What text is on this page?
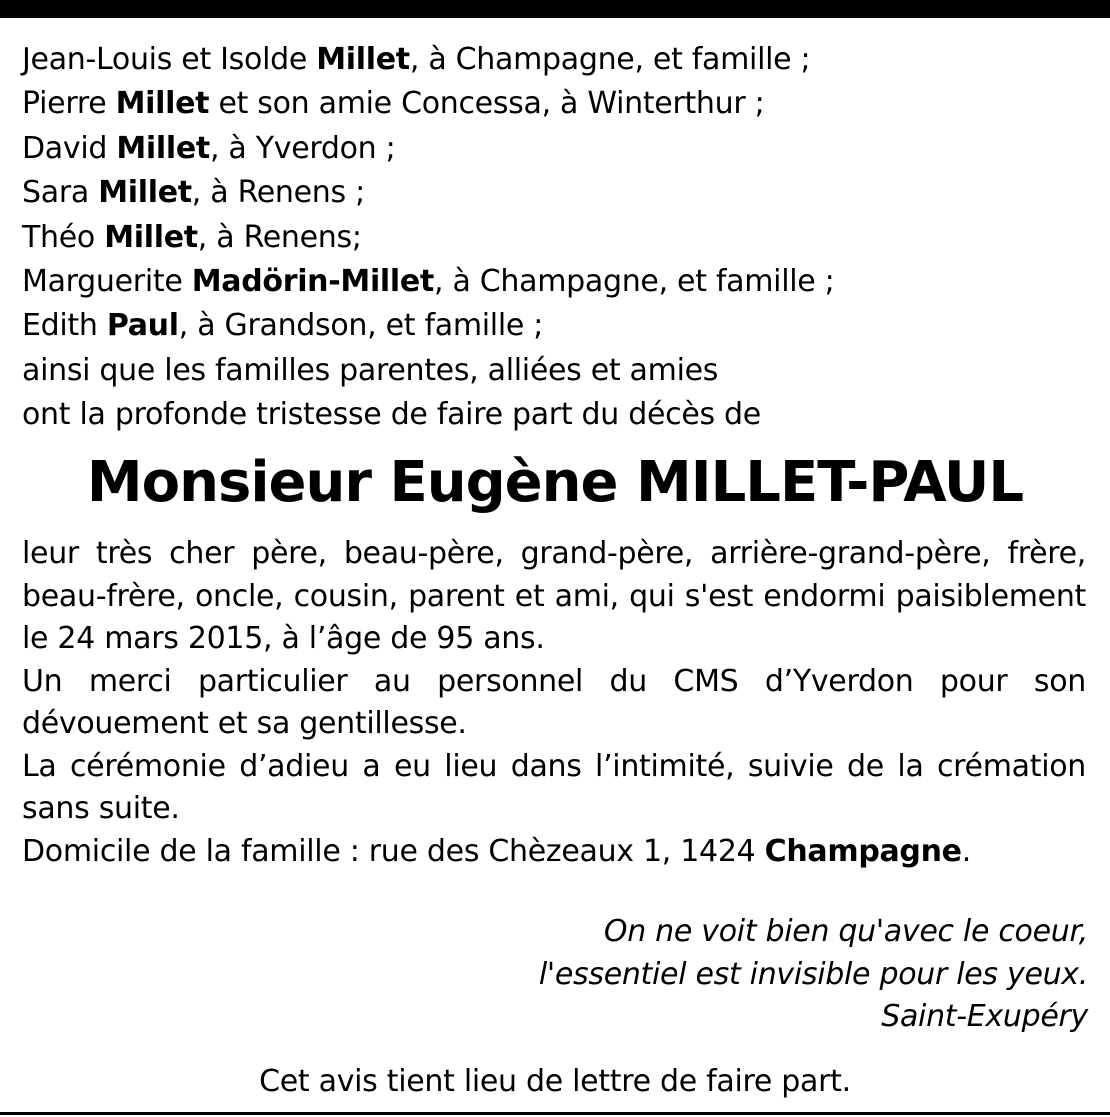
Jean-Louis et Isolde Millet, à Champagne, et famille ;
Pierre Millet et son amie Concessa, à Winterthur ;
David Millet, à Yverdon ;
Sara Millet, à Renens ;
Théo Millet, à Renens;
Marguerite Madörin-Millet, à Champagne, et famille ;
Edith Paul, à Grandson, et famille ;
ainsi que les familles parentes, alliées et amies
ont la profonde tristesse de faire part du décès de
Monsieur Eugène MILLET-PAUL

leur très cher père, beau-père, grand-père, arrière-grand-père, frère, beau-frère, oncle, cousin, parent et ami, qui s'est endormi paisiblement le 24 mars 2015, à l’âge de 95 ans.

Un merci particulier au personnel du CMS d’Yverdon pour son dévouement et sa gentillesse.

La cérémonie d’adieu a eu lieu dans l’intimité, suivie de la crémation sans suite.

Domicile de la famille : rue des Chèzeaux 1, 1424 Champagne.
On ne voit bien qu'avec le coeur,
l'essentiel est invisible pour les yeux.
Saint-Exupéry
Cet avis tient lieu de lettre de faire part.
